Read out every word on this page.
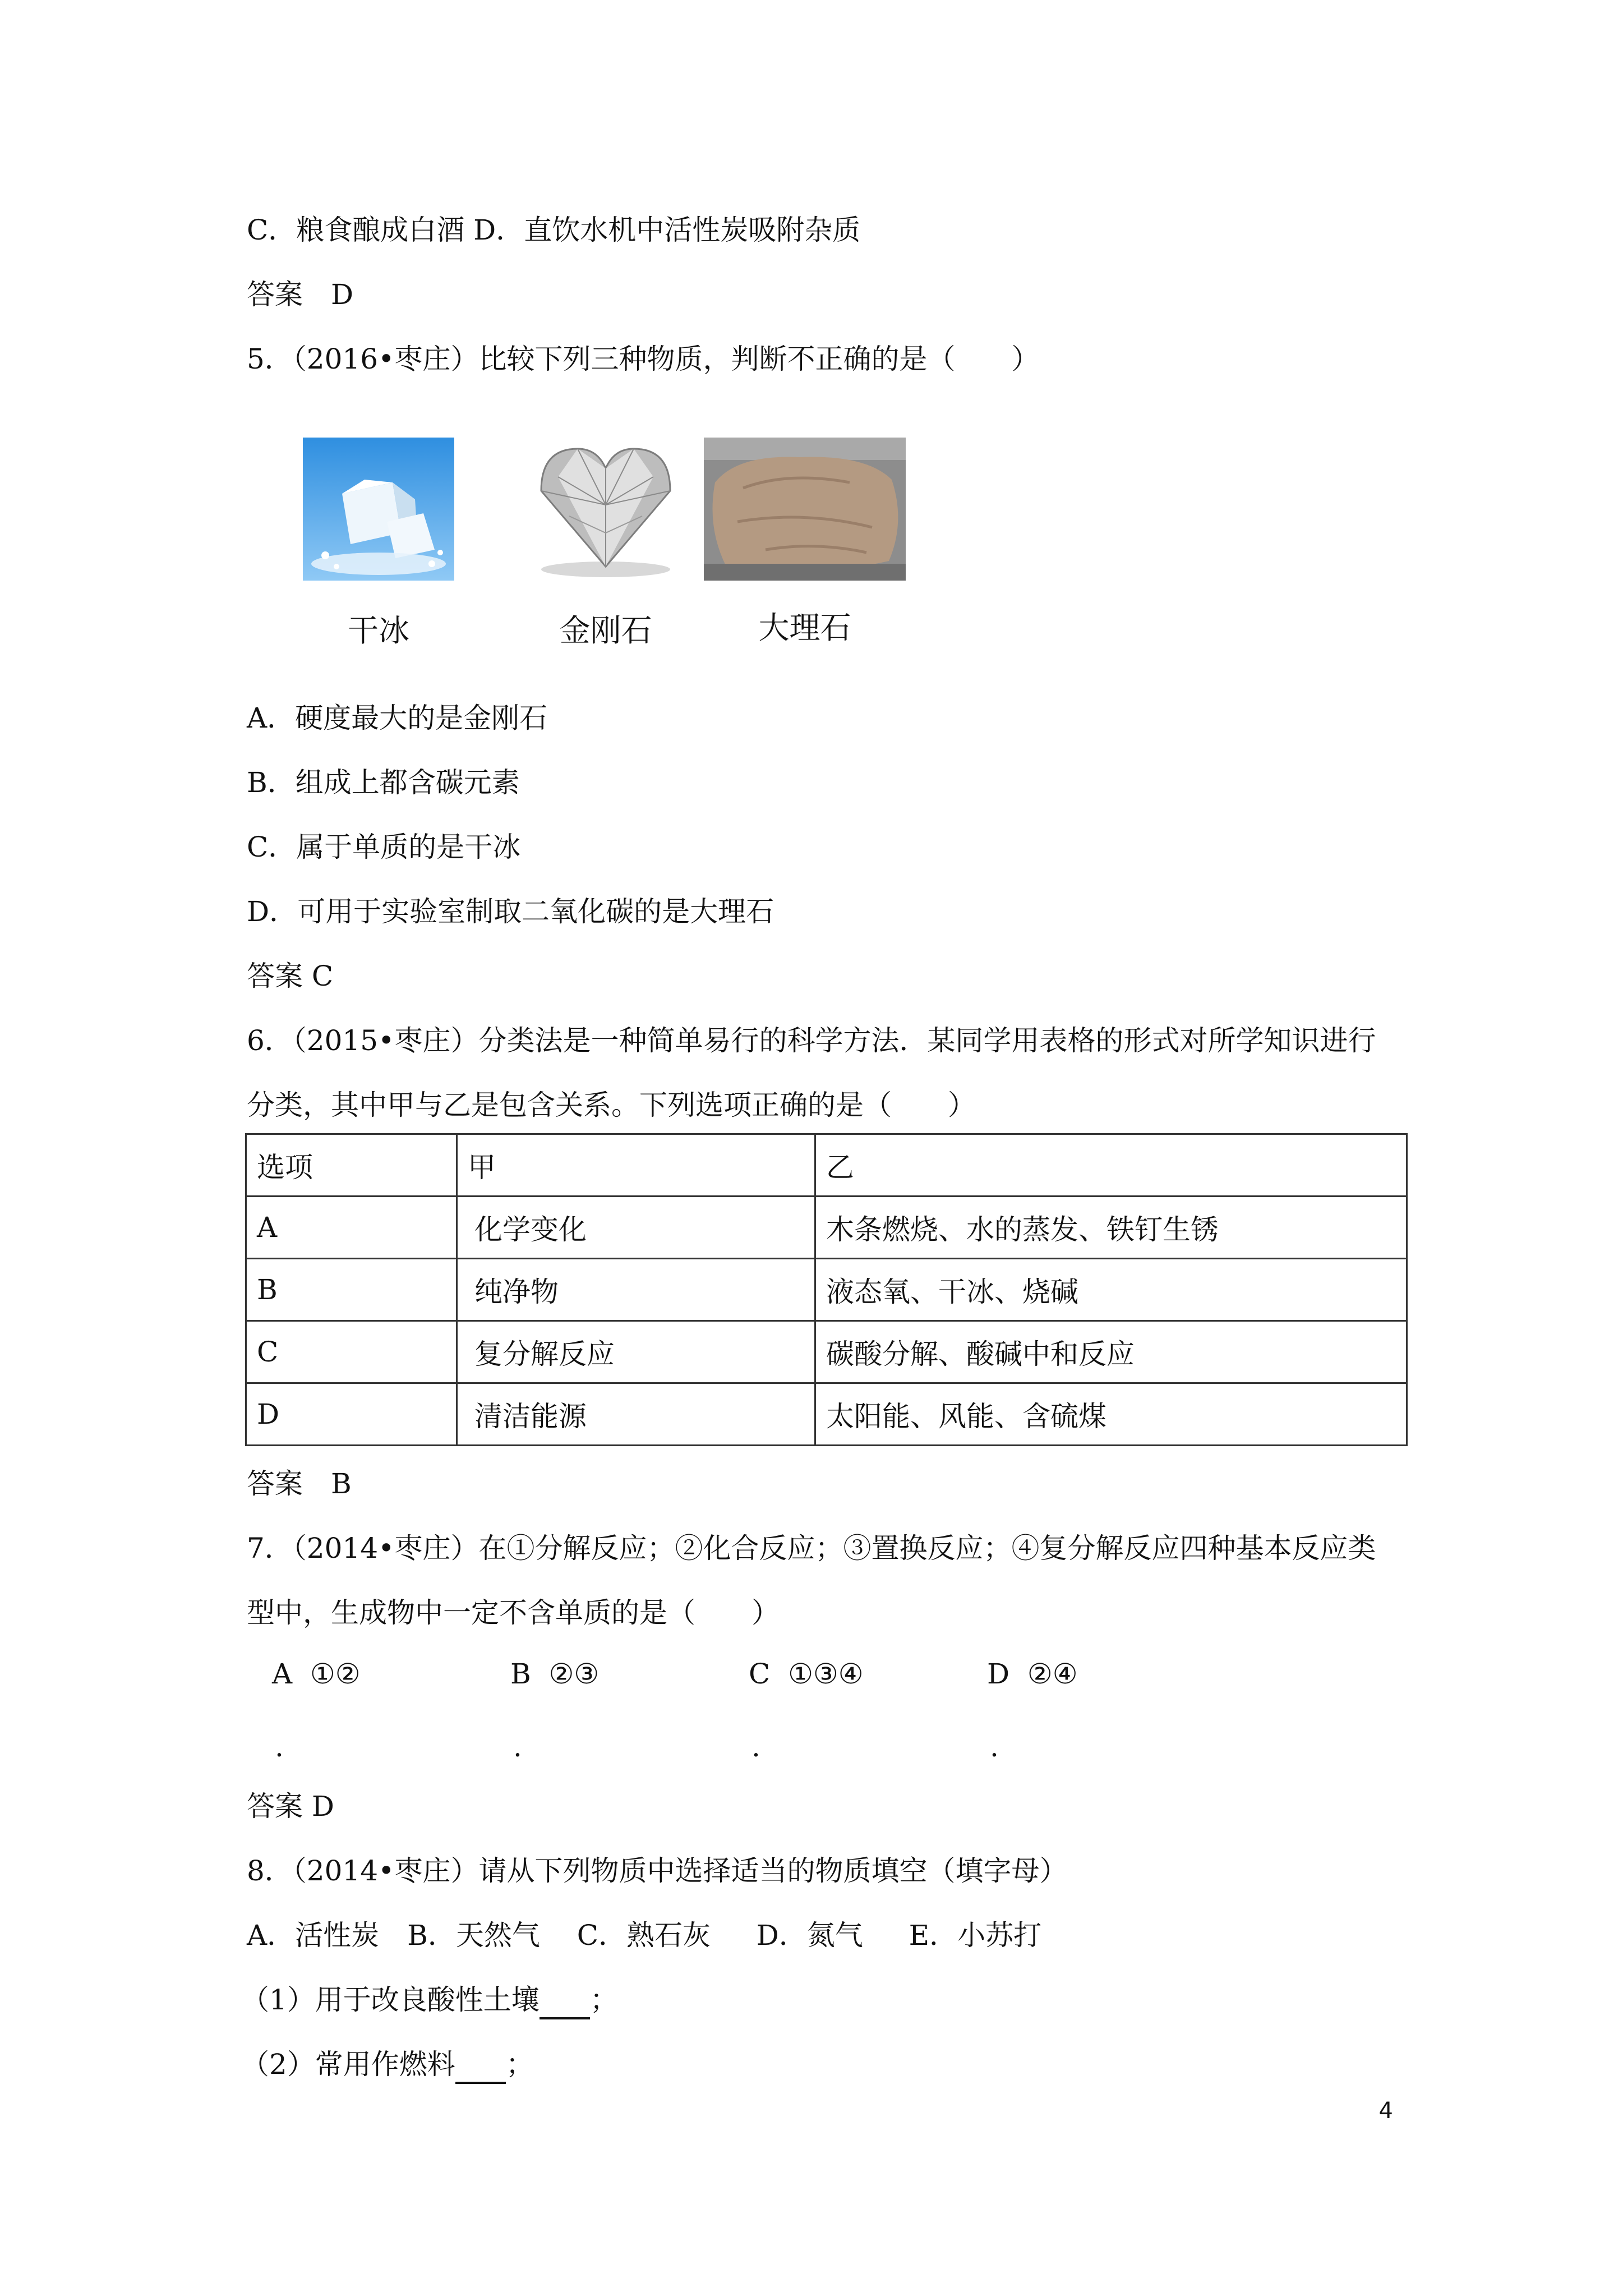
C．粮食酿成白酒 D．直饮水机中活性炭吸附杂质
答案　D
5．（2016•枣庄）比较下列三种物质，判断不正确的是（　　）
干冰	金刚石	大理石
A．硬度最大的是金刚石
B．组成上都含碳元素
C．属于单质的是干冰
D．可用于实验室制取二氧化碳的是大理石
答案 C
6．（2015•枣庄）分类法是一种简单易行的科学方法．某同学用表格的形式对所学知识进行
分类，其中甲与乙是包含关系。下列选项正确的是（　　）
选项	甲	乙
A	化学变化	木条燃烧、水的蒸发、铁钉生锈
B	纯净物	液态氧、干冰、烧碱
C	复分解反应	碳酸分解、酸碱中和反应
D	清洁能源	太阳能、风能、含硫煤
答案　B
7．（2014•枣庄）在①分解反应；②化合反应；③置换反应；④复分解反应四种基本反应类
型中，生成物中一定不含单质的是（　　）
A ①②	B ②③	C ①③④	D ②④
.	.	.	.
答案 D
8．（2014•枣庄）请从下列物质中选择适当的物质填空（填字母）
A．活性炭　B．天然气　 C．熟石灰 　 D．氮气 　 E．小苏打
（1）用于改良酸性土壤 ；
（2）常用作燃料 ；
4
